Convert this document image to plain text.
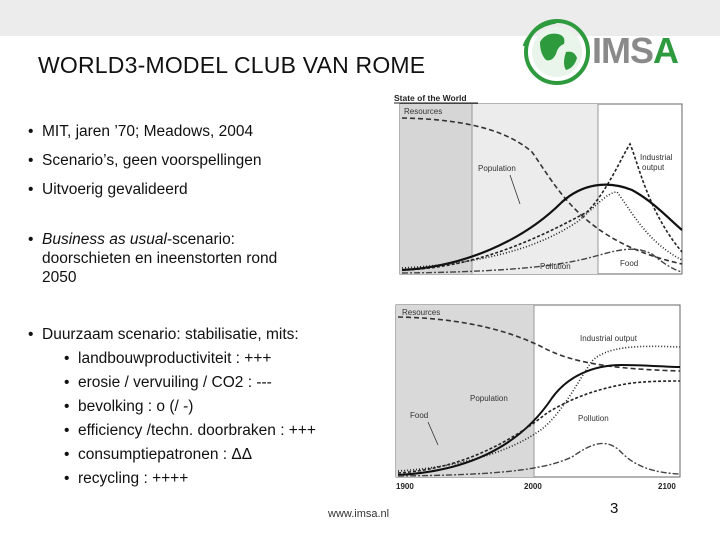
WORLD3-MODEL CLUB VAN ROME	IMSA
• MIT, jaren ’70; Meadows, 2004
• Scenario’s, geen voorspellingen
• Uitvoerig gevalideerd
• Business as usual-scenario:
doorschieten en ineenstorten rond
2050
• Duurzaam scenario: stabilisatie, mits:
• landbouwproductiviteit : +++
• erosie / vervuiling / CO2 : ---
• bevolking : o (/ -)
• efficiency /techn. doorbraken : +++
• consumptiepatronen : ΔΔ
• recycling : ++++
State of the World
Resources
Industrial
output
Population
Pollution	Food
Resources
Industrial output
Population
Food	Pollution
1900	2000	2100
www.imsa.nl	3
